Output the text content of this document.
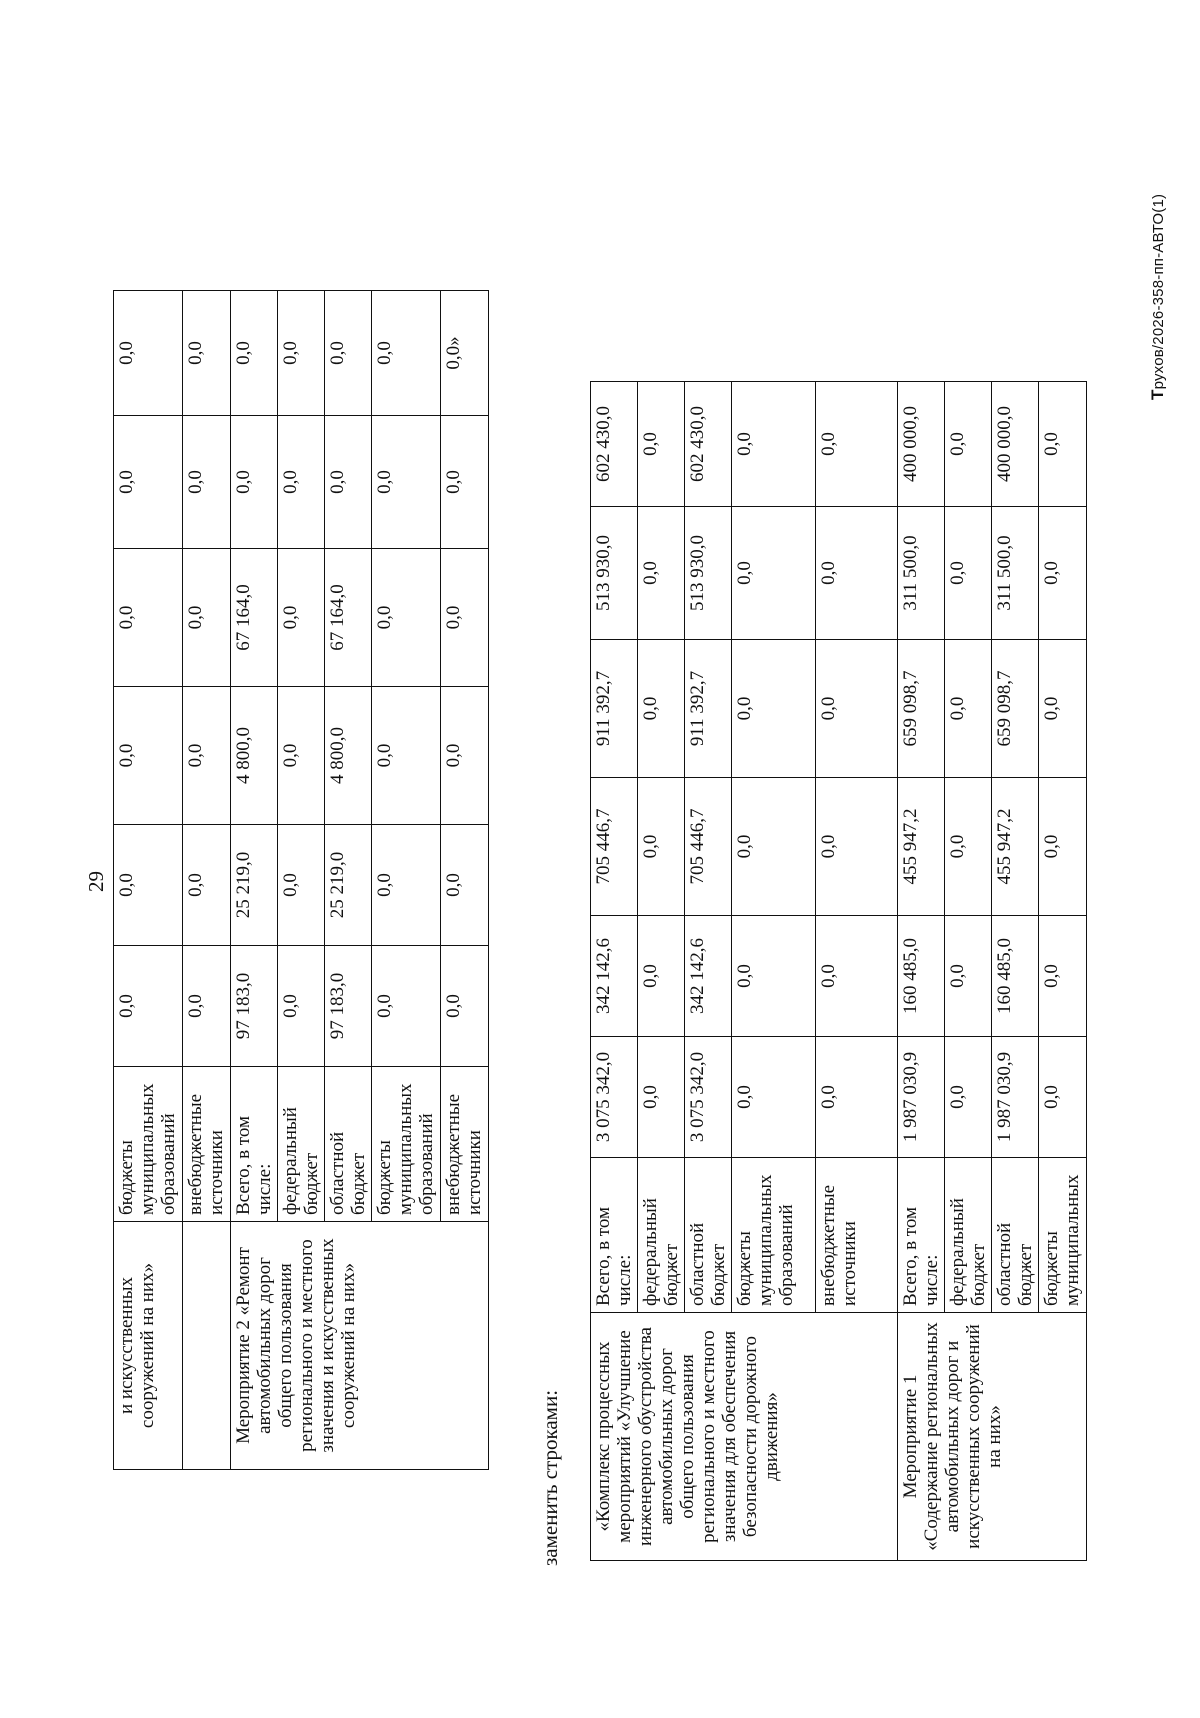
29
и искусственных сооружений на них»	бюджеты муниципальных образований	0,0	0,0	0,0	0,0	0,0	0,0
	внебюджетные источники	0,0	0,0	0,0	0,0	0,0	0,0
Мероприятие 2 «Ремонт автомобильных дорог общего пользования регионального и местного значения и искусственных сооружений на них»	Всего, в том числе:	97 183,0	25 219,0	4 800,0	67 164,0	0,0	0,0
	федеральный бюджет	0,0	0,0	0,0	0,0	0,0	0,0
	областной бюджет	97 183,0	25 219,0	4 800,0	67 164,0	0,0	0,0
	бюджеты муниципальных образований	0,0	0,0	0,0	0,0	0,0	0,0
	внебюджетные источники	0,0	0,0	0,0	0,0	0,0	0,0»
заменить строками: «Комплекс процессных мероприятий «Улучшение инженерного обустройства автомобильных дорог общего пользования регионального и местного значения для обеспечения безопасности дорожного движения»	Всего, в том числе:	3 075 342,0	342 142,6	705 446,7	911 392,7	513 930,0	602 430,0
	федеральный бюджет	0,0	0,0	0,0	0,0	0,0	0,0
	областной бюджет	3 075 342,0	342 142,6	705 446,7	911 392,7	513 930,0	602 430,0
	бюджеты муниципальных образований	0,0	0,0	0,0	0,0	0,0	0,0
	внебюджетные источники	0,0	0,0	0,0	0,0	0,0	0,0
Мероприятие 1 «Содержание региональных автомобильных дорог и искусственных сооружений на них»	Всего, в том числе:	1 987 030,9	160 485,0	455 947,2	659 098,7	311 500,0	400 000,0
	федеральный бюджет	0,0	0,0	0,0	0,0	0,0	0,0
	областной бюджет	1 987 030,9	160 485,0	455 947,2	659 098,7	311 500,0	400 000,0
	бюджеты муниципальных	0,0	0,0	0,0	0,0	0,0	0,0
Трухов/2026-358-пп-АВТО(1)
